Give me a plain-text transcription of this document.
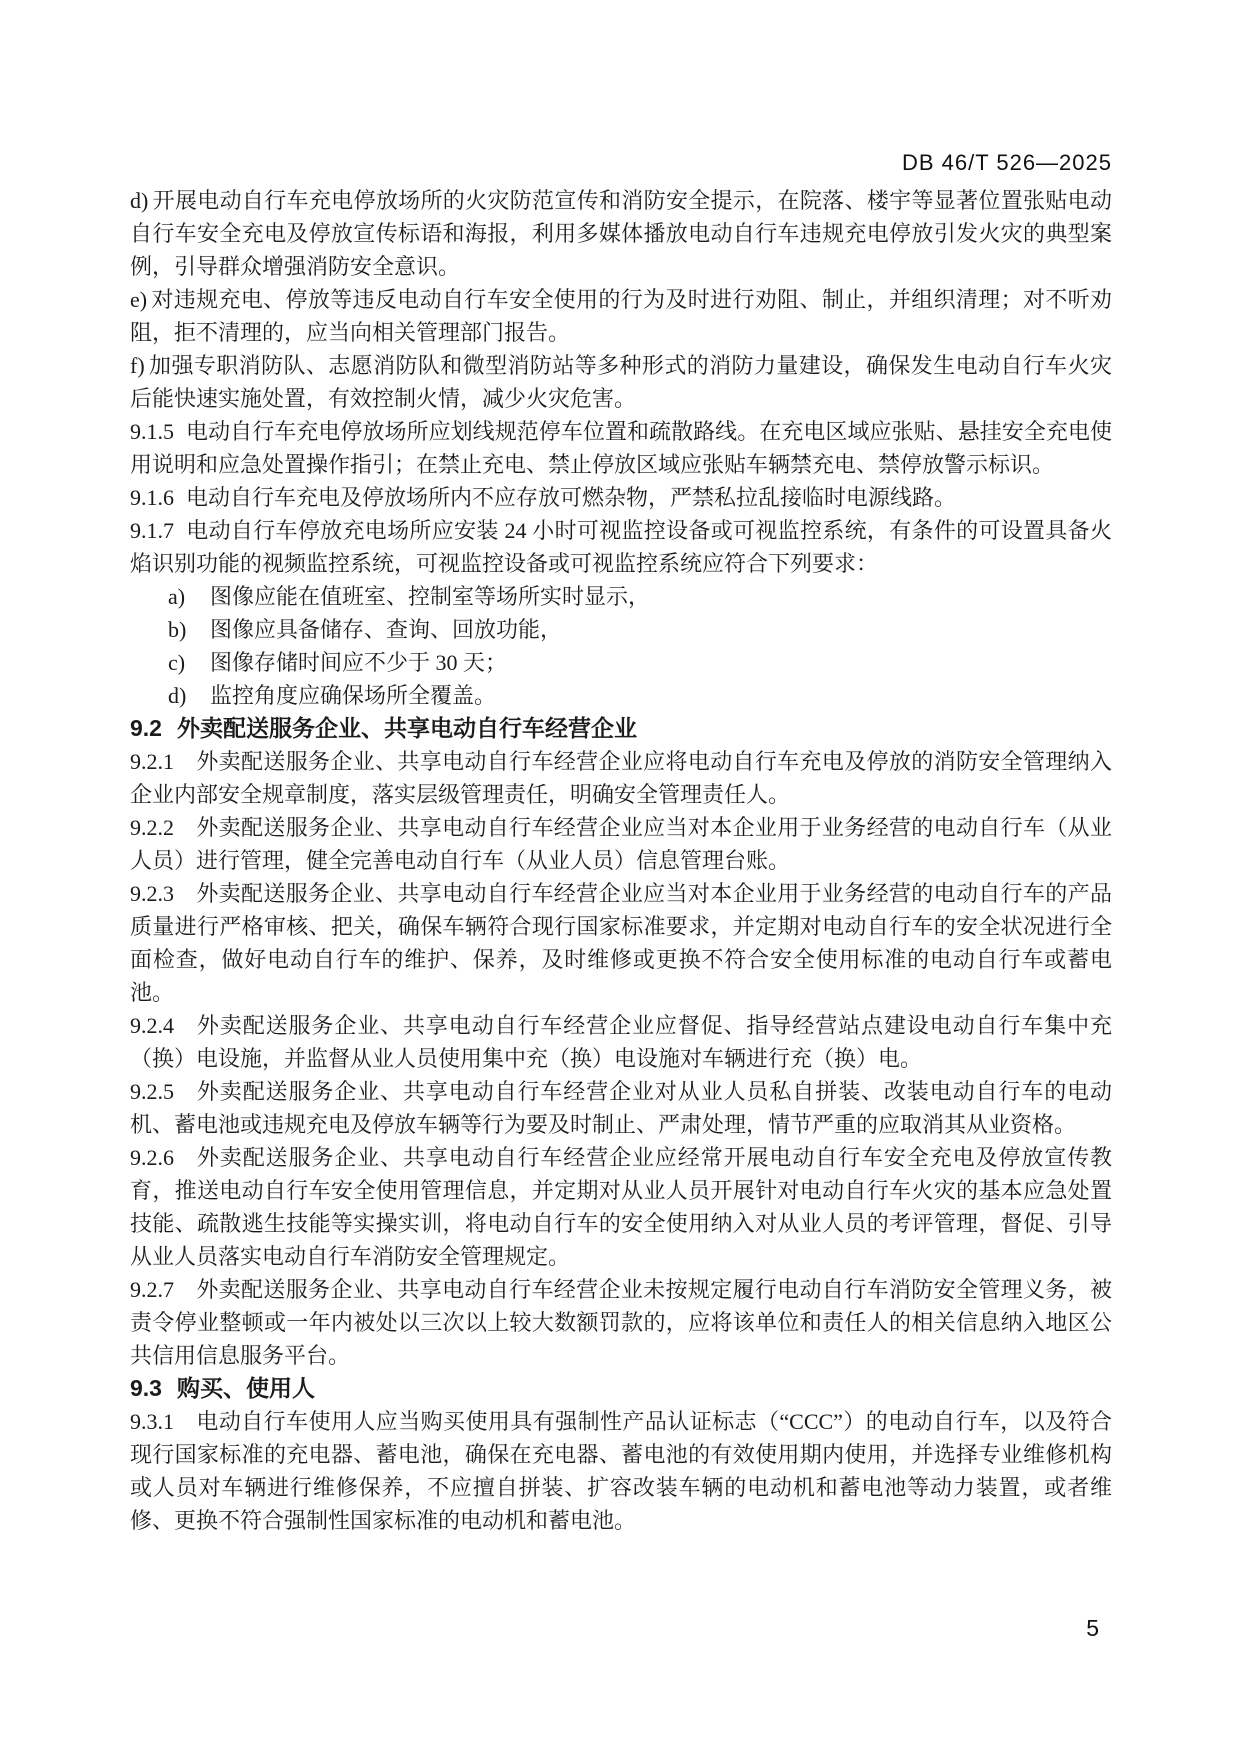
DB 46/T 526—2025

d) 开展电动自行车充电停放场所的火灾防范宣传和消防安全提示，在院落、楼宇等显著位置张贴电动自行车安全充电及停放宣传标语和海报，利用多媒体播放电动自行车违规充电停放引发火灾的典型案例，引导群众增强消防安全意识。

e) 对违规充电、停放等违反电动自行车安全使用的行为及时进行劝阻、制止，并组织清理；对不听劝阻，拒不清理的，应当向相关管理部门报告。

f) 加强专职消防队、志愿消防队和微型消防站等多种形式的消防力量建设，确保发生电动自行车火灾后能快速实施处置，有效控制火情，减少火灾危害。

9.1.5 电动自行车充电停放场所应划线规范停车位置和疏散路线。在充电区域应张贴、悬挂安全充电使用说明和应急处置操作指引；在禁止充电、禁止停放区域应张贴车辆禁充电、禁停放警示标识。

9.1.6 电动自行车充电及停放场所内不应存放可燃杂物，严禁私拉乱接临时电源线路。

9.1.7 电动自行车停放充电场所应安装 24 小时可视监控设备或可视监控系统，有条件的可设置具备火焰识别功能的视频监控系统，可视监控设备或可视监控系统应符合下列要求：

a)	图像应能在值班室、控制室等场所实时显示，
b)	图像应具备储存、查询、回放功能，
c)	图像存储时间应不少于 30 天；
d)	监控角度应确保场所全覆盖。

9.2 外卖配送服务企业、共享电动自行车经营企业

9.2.1 外卖配送服务企业、共享电动自行车经营企业应将电动自行车充电及停放的消防安全管理纳入企业内部安全规章制度，落实层级管理责任，明确安全管理责任人。

9.2.2 外卖配送服务企业、共享电动自行车经营企业应当对本企业用于业务经营的电动自行车（从业人员）进行管理，健全完善电动自行车（从业人员）信息管理台账。

9.2.3 外卖配送服务企业、共享电动自行车经营企业应当对本企业用于业务经营的电动自行车的产品质量进行严格审核、把关，确保车辆符合现行国家标准要求，并定期对电动自行车的安全状况进行全面检查，做好电动自行车的维护、保养，及时维修或更换不符合安全使用标准的电动自行车或蓄电池。

9.2.4 外卖配送服务企业、共享电动自行车经营企业应督促、指导经营站点建设电动自行车集中充（换）电设施，并监督从业人员使用集中充（换）电设施对车辆进行充（换）电。

9.2.5 外卖配送服务企业、共享电动自行车经营企业对从业人员私自拼装、改装电动自行车的电动机、蓄电池或违规充电及停放车辆等行为要及时制止、严肃处理，情节严重的应取消其从业资格。

9.2.6 外卖配送服务企业、共享电动自行车经营企业应经常开展电动自行车安全充电及停放宣传教育，推送电动自行车安全使用管理信息，并定期对从业人员开展针对电动自行车火灾的基本应急处置技能、疏散逃生技能等实操实训，将电动自行车的安全使用纳入对从业人员的考评管理，督促、引导从业人员落实电动自行车消防安全管理规定。

9.2.7 外卖配送服务企业、共享电动自行车经营企业未按规定履行电动自行车消防安全管理义务，被责令停业整顿或一年内被处以三次以上较大数额罚款的，应将该单位和责任人的相关信息纳入地区公共信用信息服务平台。

9.3 购买、使用人

9.3.1 电动自行车使用人应当购买使用具有强制性产品认证标志（“CCC”）的电动自行车，以及符合现行国家标准的充电器、蓄电池，确保在充电器、蓄电池的有效使用期内使用，并选择专业维修机构或人员对车辆进行维修保养，不应擅自拼装、扩容改装车辆的电动机和蓄电池等动力装置，或者维修、更换不符合强制性国家标准的电动机和蓄电池。

5
